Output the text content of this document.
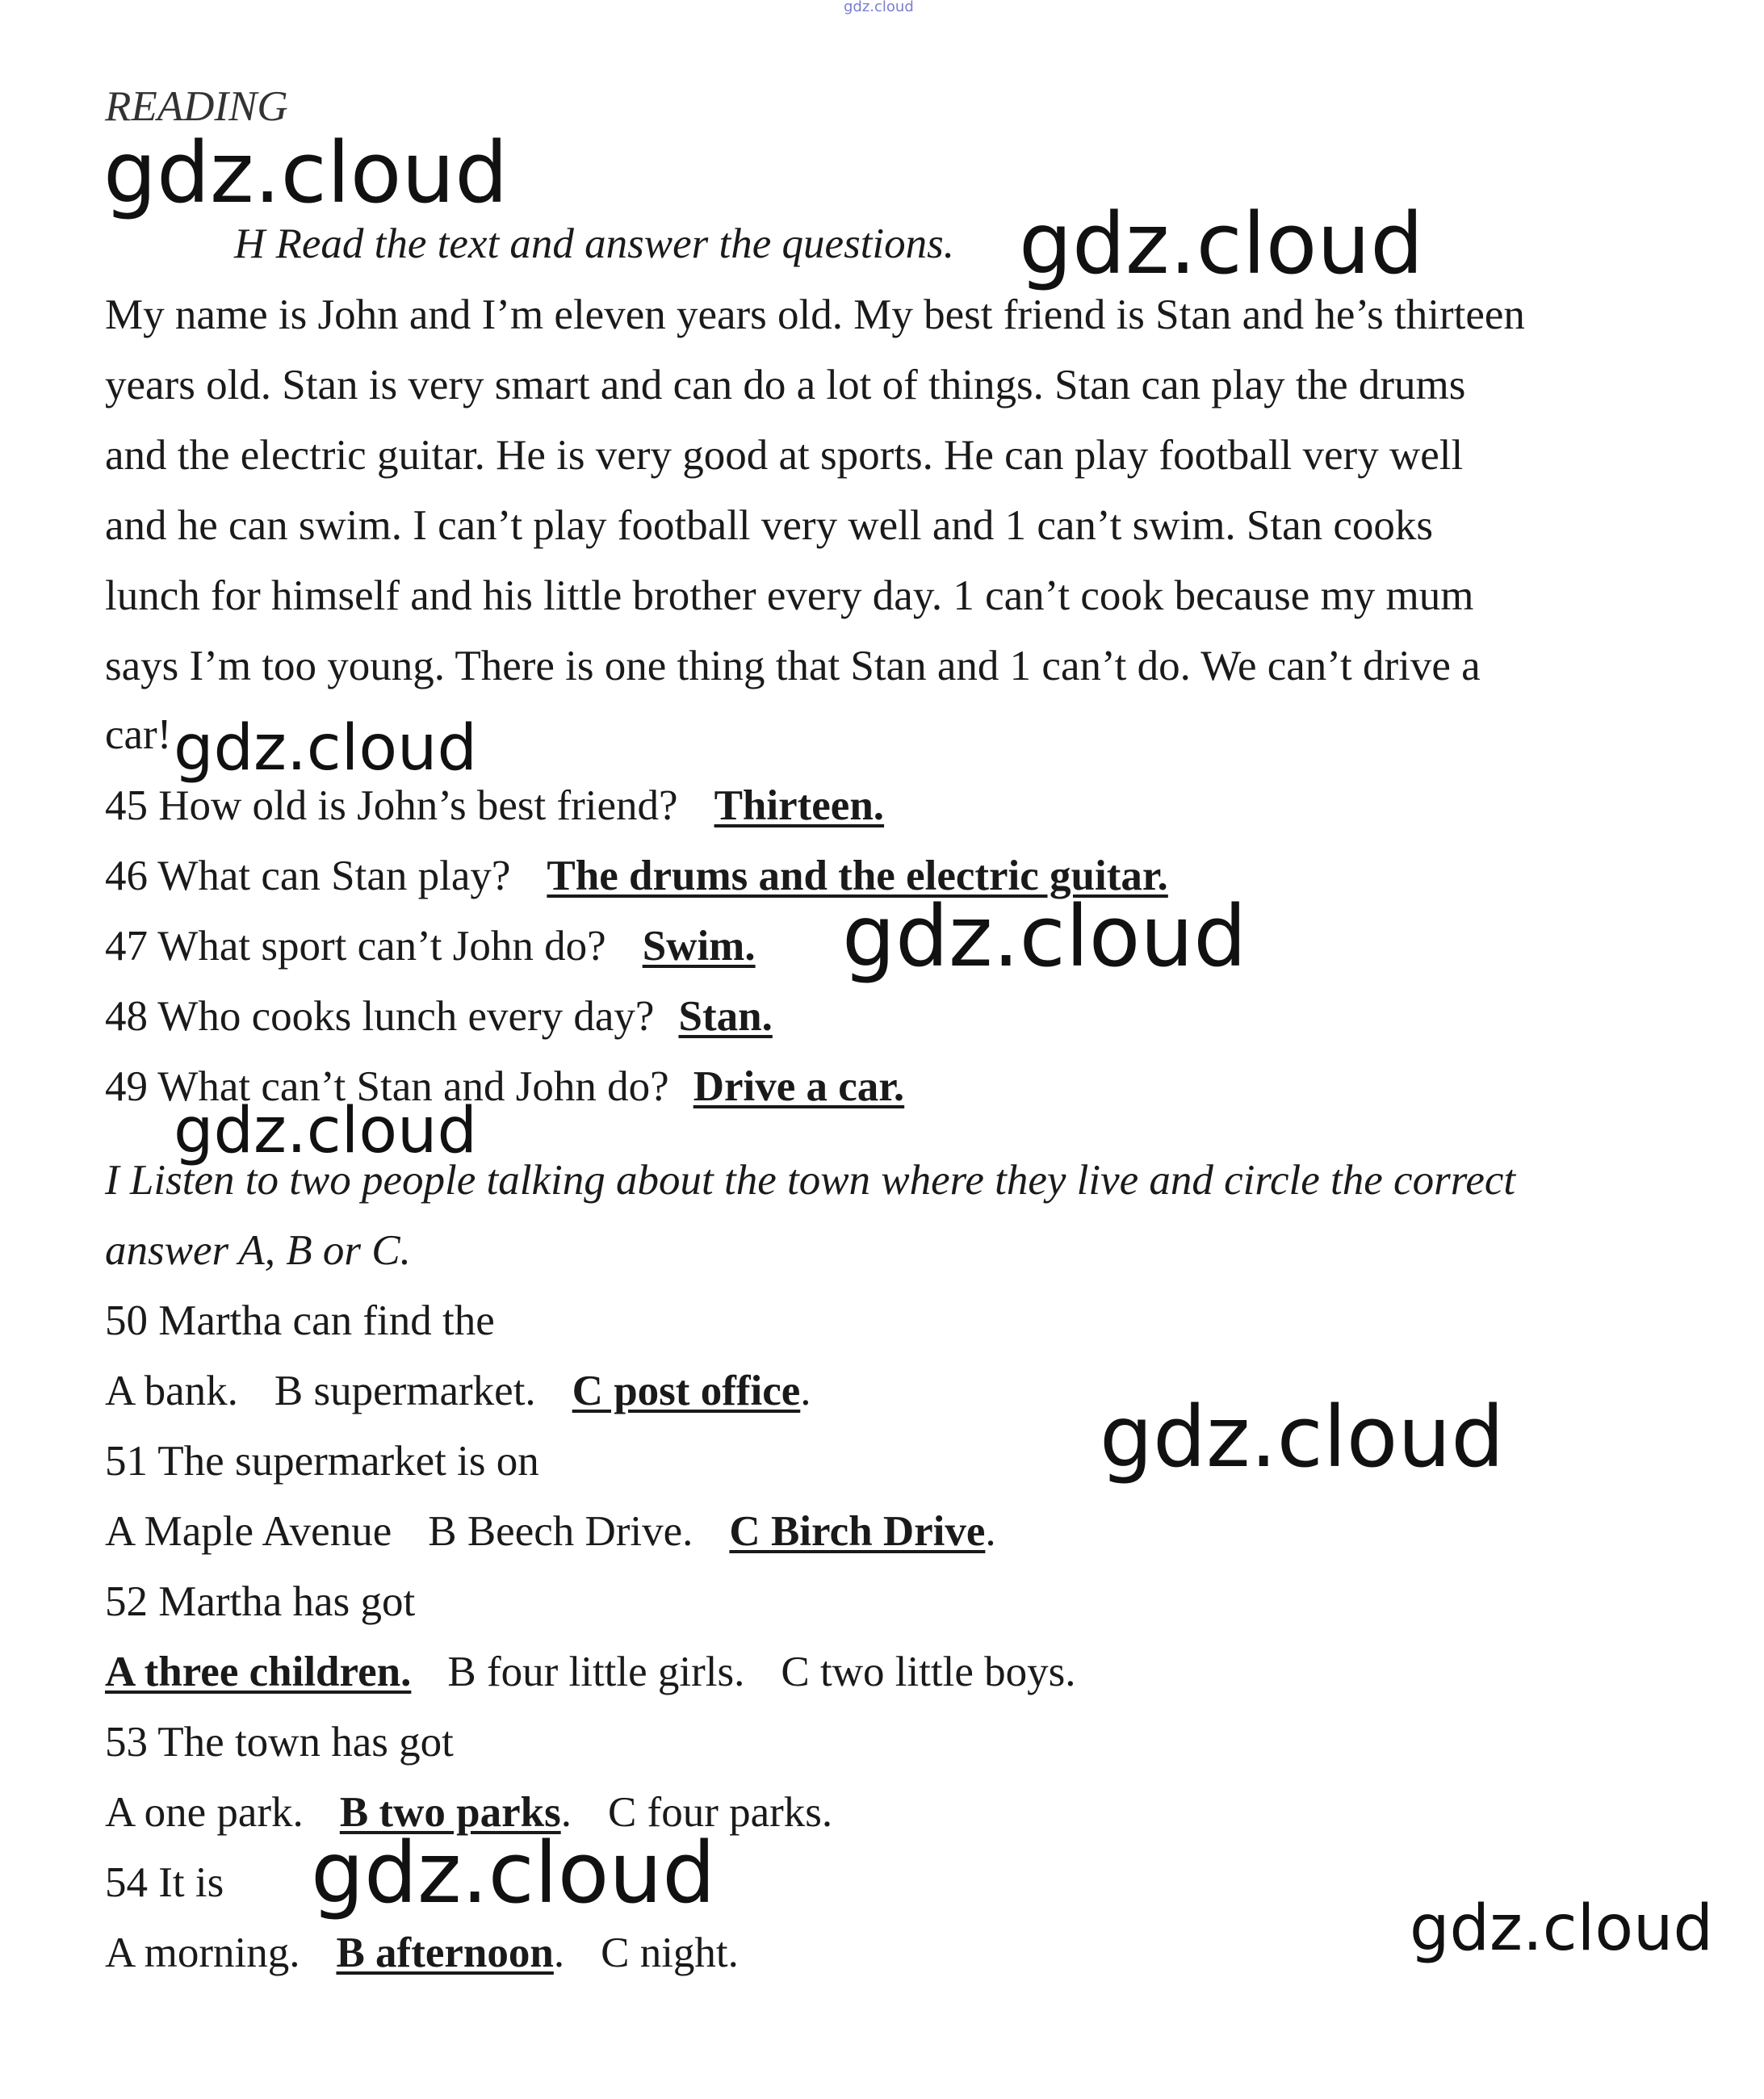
gdz.cloud
READING
H Read the text and answer the questions.
My name is John and I’m eleven years old. My best friend is Stan and he’s thirteen
years old. Stan is very smart and can do a lot of things. Stan can play the drums
and the electric guitar. He is very good at sports. He can play football very well
and he can swim. I can’t play football very well and 1 can’t swim. Stan cooks
lunch for himself and his little brother every day. 1 can’t cook because my mum
says I’m too young. There is one thing that Stan and 1 can’t do. We can’t drive a
car!
45 How old is John’s best friend? Thirteen.
46 What can Stan play? The drums and the electric guitar.
47 What sport can’t John do? Swim.
48 Who cooks lunch every day? Stan.
49 What can’t Stan and John do? Drive a car.
I Listen to two people talking about the town where they live and circle the correct
answer A, B or C.
50 Martha can find the
A bank. B supermarket. C post office.
51 The supermarket is on
A Maple Avenue B Beech Drive. C Birch Drive.
52 Martha has got
A three children. B four little girls. C two little boys.
53 The town has got
A one park. B two parks. C four parks.
54 It is
A morning. B afternoon. C night.
gdz.cloud
gdz.cloud
gdz.cloud
gdz.cloud
gdz.cloud
gdz.cloud
gdz.cloud
gdz.cloud
